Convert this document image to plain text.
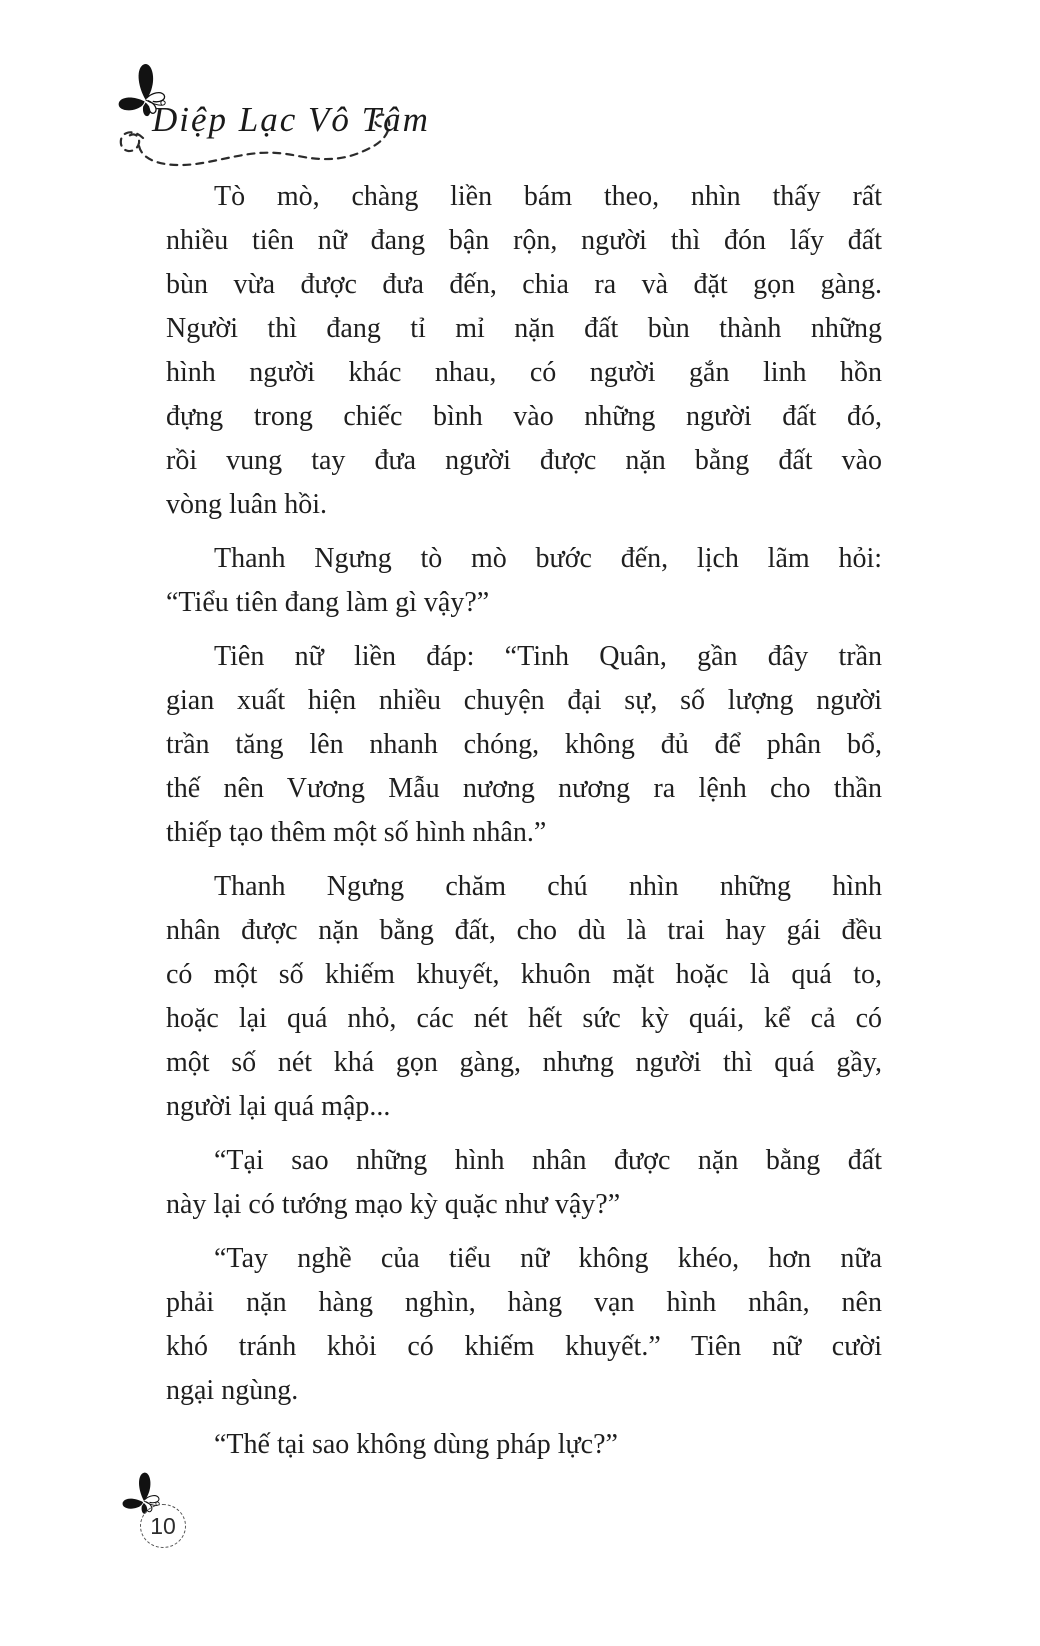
Diệp Lạc Vô Tâm
Tò mò, chàng liền bám theo, nhìn thấy rất
nhiều tiên nữ đang bận rộn, người thì đón lấy đất
bùn vừa được đưa đến, chia ra và đặt gọn gàng.
Người thì đang tỉ mỉ nặn đất bùn thành những
hình người khác nhau, có người gắn linh hồn
đựng trong chiếc bình vào những người đất đó,
rồi vung tay đưa người được nặn bằng đất vào
vòng luân hồi.
Thanh Ngưng tò mò bước đến, lịch lãm hỏi:
“Tiểu tiên đang làm gì vậy?”
Tiên nữ liền đáp: “Tinh Quân, gần đây trần
gian xuất hiện nhiều chuyện đại sự, số lượng người
trần tăng lên nhanh chóng, không đủ để phân bổ,
thế nên Vương Mẫu nương nương ra lệnh cho thần
thiếp tạo thêm một số hình nhân.”
Thanh Ngưng chăm chú nhìn những hình
nhân được nặn bằng đất, cho dù là trai hay gái đều
có một số khiếm khuyết, khuôn mặt hoặc là quá to,
hoặc lại quá nhỏ, các nét hết sức kỳ quái, kể cả có
một số nét khá gọn gàng, nhưng người thì quá gầy,
người lại quá mập...
“Tại sao những hình nhân được nặn bằng đất
này lại có tướng mạo kỳ quặc như vậy?”
“Tay nghề của tiểu nữ không khéo, hơn nữa
phải nặn hàng nghìn, hàng vạn hình nhân, nên
khó tránh khỏi có khiếm khuyết.” Tiên nữ cười
ngại ngùng.
“Thế tại sao không dùng pháp lực?”
10
